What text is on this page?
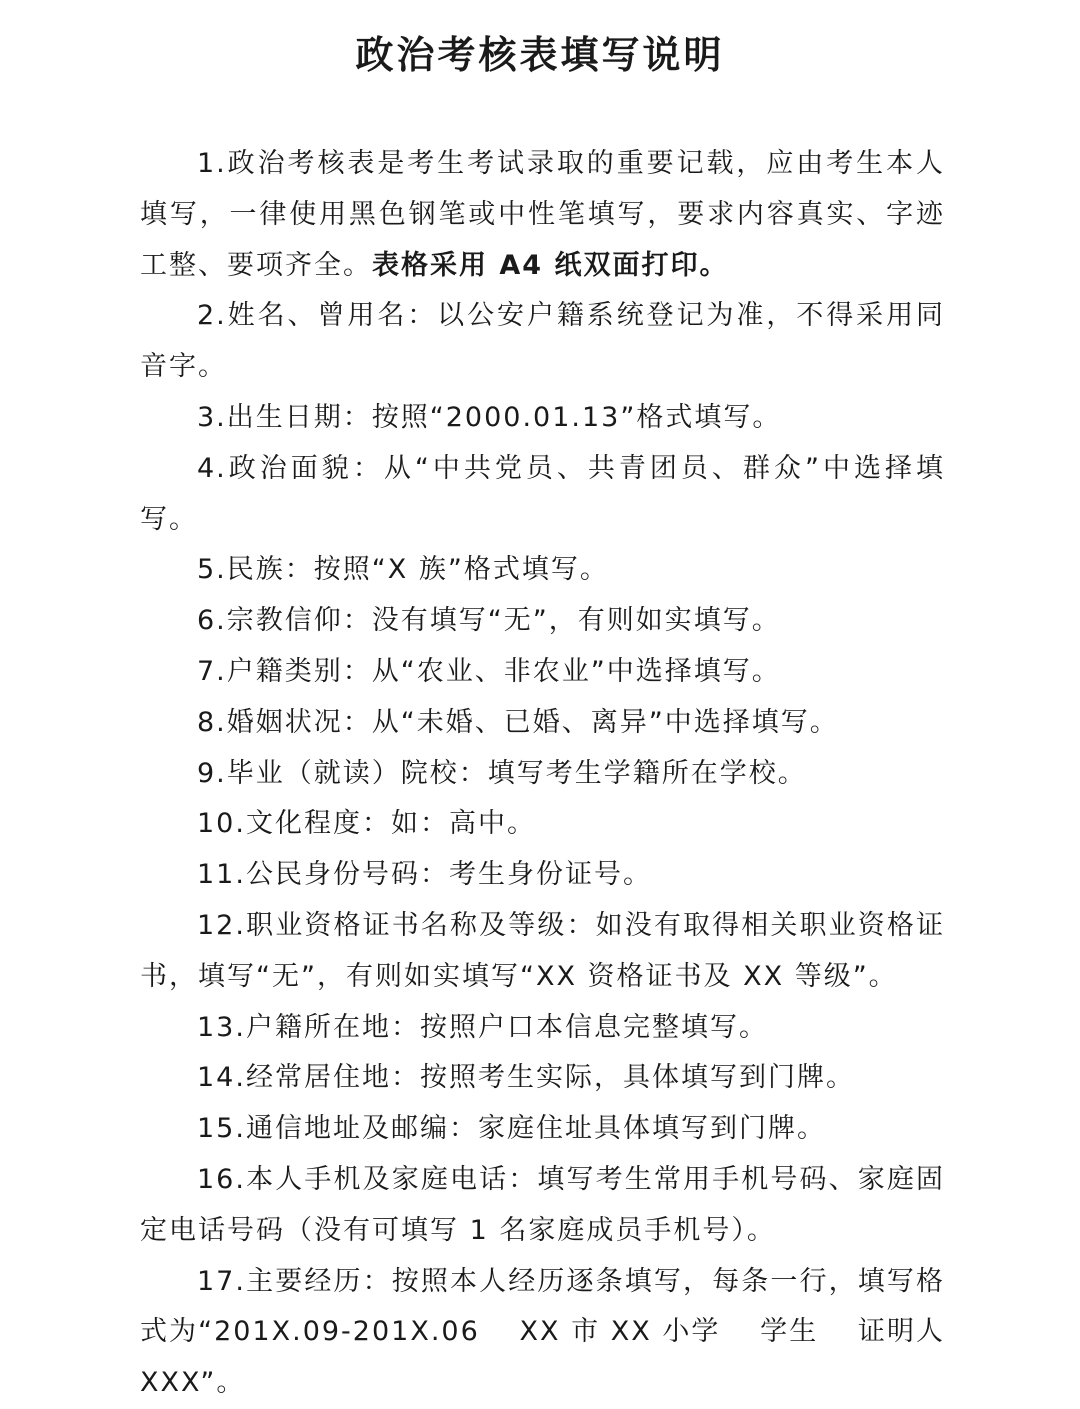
政治考核表填写说明

1.政治考核表是考生考试录取的重要记载，应由考生本人填写，一律使用黑色钢笔或中性笔填写，要求内容真实、字迹工整、要项齐全。表格采用 A4 纸双面打印。

2.姓名、曾用名：以公安户籍系统登记为准，不得采用同音字。

3.出生日期：按照“2000.01.13”格式填写。

4.政治面貌：从“中共党员、共青团员、群众”中选择填写。

5.民族：按照“X 族”格式填写。

6.宗教信仰：没有填写“无”，有则如实填写。

7.户籍类别：从“农业、非农业”中选择填写。

8.婚姻状况：从“未婚、已婚、离异”中选择填写。

9.毕业（就读）院校：填写考生学籍所在学校。

10.文化程度：如：高中。

11.公民身份号码：考生身份证号。

12.职业资格证书名称及等级：如没有取得相关职业资格证书，填写“无”，有则如实填写“XX 资格证书及 XX 等级”。

13.户籍所在地：按照户口本信息完整填写。

14.经常居住地：按照考生实际，具体填写到门牌。

15.通信地址及邮编：家庭住址具体填写到门牌。

16.本人手机及家庭电话：填写考生常用手机号码、家庭固定电话号码（没有可填写 1 名家庭成员手机号）。

17.主要经历：按照本人经历逐条填写，每条一行，填写格式为“201X.09-201X.06　 XX 市 XX 小学　 学生　 证明人 XXX”。
